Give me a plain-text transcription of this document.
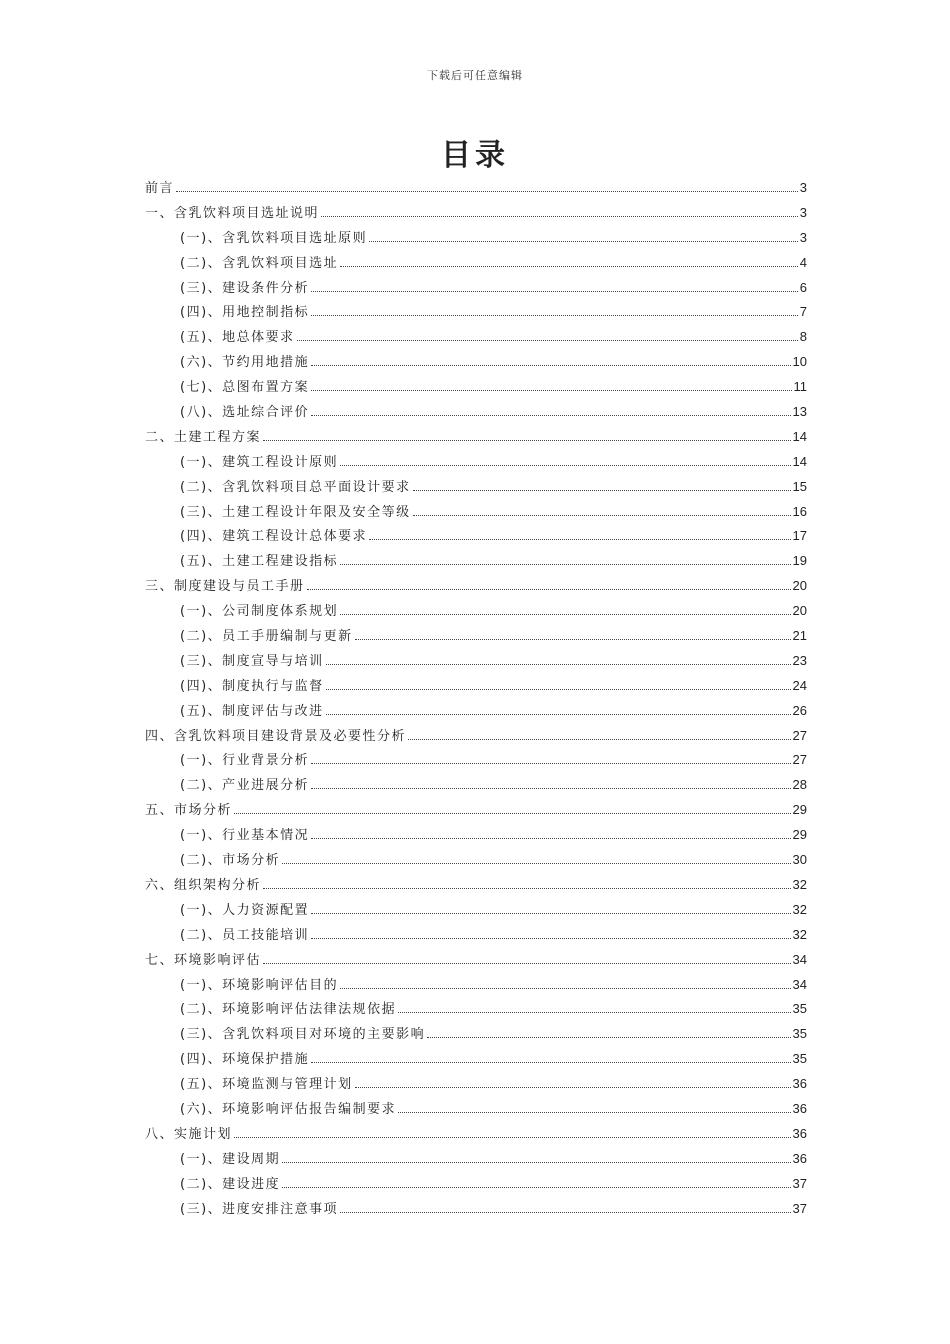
下载后可任意编辑
目录
前言	3
一、含乳饮料项目选址说明	3
(一)、含乳饮料项目选址原则	3
(二)、含乳饮料项目选址	4
(三)、建设条件分析	6
(四)、用地控制指标	7
(五)、地总体要求	8
(六)、节约用地措施	10
(七)、总图布置方案	11
(八)、选址综合评价	13
二、土建工程方案	14
(一)、建筑工程设计原则	14
(二)、含乳饮料项目总平面设计要求	15
(三)、土建工程设计年限及安全等级	16
(四)、建筑工程设计总体要求	17
(五)、土建工程建设指标	19
三、制度建设与员工手册	20
(一)、公司制度体系规划	20
(二)、员工手册编制与更新	21
(三)、制度宣导与培训	23
(四)、制度执行与监督	24
(五)、制度评估与改进	26
四、含乳饮料项目建设背景及必要性分析	27
(一)、行业背景分析	27
(二)、产业进展分析	28
五、市场分析	29
(一)、行业基本情况	29
(二)、市场分析	30
六、组织架构分析	32
(一)、人力资源配置	32
(二)、员工技能培训	32
七、环境影响评估	34
(一)、环境影响评估目的	34
(二)、环境影响评估法律法规依据	35
(三)、含乳饮料项目对环境的主要影响	35
(四)、环境保护措施	35
(五)、环境监测与管理计划	36
(六)、环境影响评估报告编制要求	36
八、实施计划	36
(一)、建设周期	36
(二)、建设进度	37
(三)、进度安排注意事项	37
